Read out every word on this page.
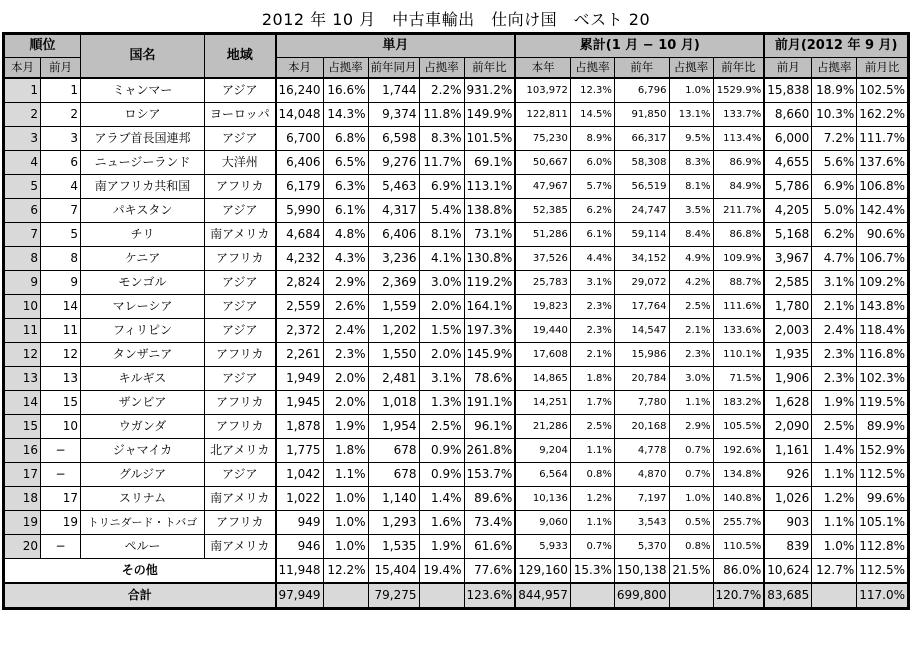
2012 年 10 月　中古車輸出　仕向け国　ベスト 20
順位		国名	地域	単月					累計(1 月 − 10 月)					前月(2012 年 9 月)		
本月	前月			本月	占拠率	前年同月	占拠率	前年比	本年	占拠率	前年	占拠率	前年比	前月	占拠率	前月比
1	1	ミャンマー	アジア	16,240	16.6%	1,744	2.2%	931.2%	103,972	12.3%	6,796	1.0%	1529.9%	15,838	18.9%	102.5%
2	2	ロシア	ヨーロッパ	14,048	14.3%	9,374	11.8%	149.9%	122,811	14.5%	91,850	13.1%	133.7%	8,660	10.3%	162.2%
3	3	アラブ首長国連邦	アジア	6,700	6.8%	6,598	8.3%	101.5%	75,230	8.9%	66,317	9.5%	113.4%	6,000	7.2%	111.7%
4	6	ニュージーランド	大洋州	6,406	6.5%	9,276	11.7%	69.1%	50,667	6.0%	58,308	8.3%	86.9%	4,655	5.6%	137.6%
5	4	南アフリカ共和国	アフリカ	6,179	6.3%	5,463	6.9%	113.1%	47,967	5.7%	56,519	8.1%	84.9%	5,786	6.9%	106.8%
6	7	パキスタン	アジア	5,990	6.1%	4,317	5.4%	138.8%	52,385	6.2%	24,747	3.5%	211.7%	4,205	5.0%	142.4%
7	5	チリ	南アメリカ	4,684	4.8%	6,406	8.1%	73.1%	51,286	6.1%	59,114	8.4%	86.8%	5,168	6.2%	90.6%
8	8	ケニア	アフリカ	4,232	4.3%	3,236	4.1%	130.8%	37,526	4.4%	34,152	4.9%	109.9%	3,967	4.7%	106.7%
9	9	モンゴル	アジア	2,824	2.9%	2,369	3.0%	119.2%	25,783	3.1%	29,072	4.2%	88.7%	2,585	3.1%	109.2%
10	14	マレーシア	アジア	2,559	2.6%	1,559	2.0%	164.1%	19,823	2.3%	17,764	2.5%	111.6%	1,780	2.1%	143.8%
11	11	フィリピン	アジア	2,372	2.4%	1,202	1.5%	197.3%	19,440	2.3%	14,547	2.1%	133.6%	2,003	2.4%	118.4%
12	12	タンザニア	アフリカ	2,261	2.3%	1,550	2.0%	145.9%	17,608	2.1%	15,986	2.3%	110.1%	1,935	2.3%	116.8%
13	13	キルギス	アジア	1,949	2.0%	2,481	3.1%	78.6%	14,865	1.8%	20,784	3.0%	71.5%	1,906	2.3%	102.3%
14	15	ザンビア	アフリカ	1,945	2.0%	1,018	1.3%	191.1%	14,251	1.7%	7,780	1.1%	183.2%	1,628	1.9%	119.5%
15	10	ウガンダ	アフリカ	1,878	1.9%	1,954	2.5%	96.1%	21,286	2.5%	20,168	2.9%	105.5%	2,090	2.5%	89.9%
16	−	ジャマイカ	北アメリカ	1,775	1.8%	678	0.9%	261.8%	9,204	1.1%	4,778	0.7%	192.6%	1,161	1.4%	152.9%
17	−	グルジア	アジア	1,042	1.1%	678	0.9%	153.7%	6,564	0.8%	4,870	0.7%	134.8%	926	1.1%	112.5%
18	17	スリナム	南アメリカ	1,022	1.0%	1,140	1.4%	89.6%	10,136	1.2%	7,197	1.0%	140.8%	1,026	1.2%	99.6%
19	19	トリニダード・トバゴ	アフリカ	949	1.0%	1,293	1.6%	73.4%	9,060	1.1%	3,543	0.5%	255.7%	903	1.1%	105.1%
20	−	ペルー	南アメリカ	946	1.0%	1,535	1.9%	61.6%	5,933	0.7%	5,370	0.8%	110.5%	839	1.0%	112.8%
その他				11,948	12.2%	15,404	19.4%	77.6%	129,160	15.3%	150,138	21.5%	86.0%	10,624	12.7%	112.5%
合計				97,949		79,275		123.6%	844,957		699,800		120.7%	83,685		117.0%
